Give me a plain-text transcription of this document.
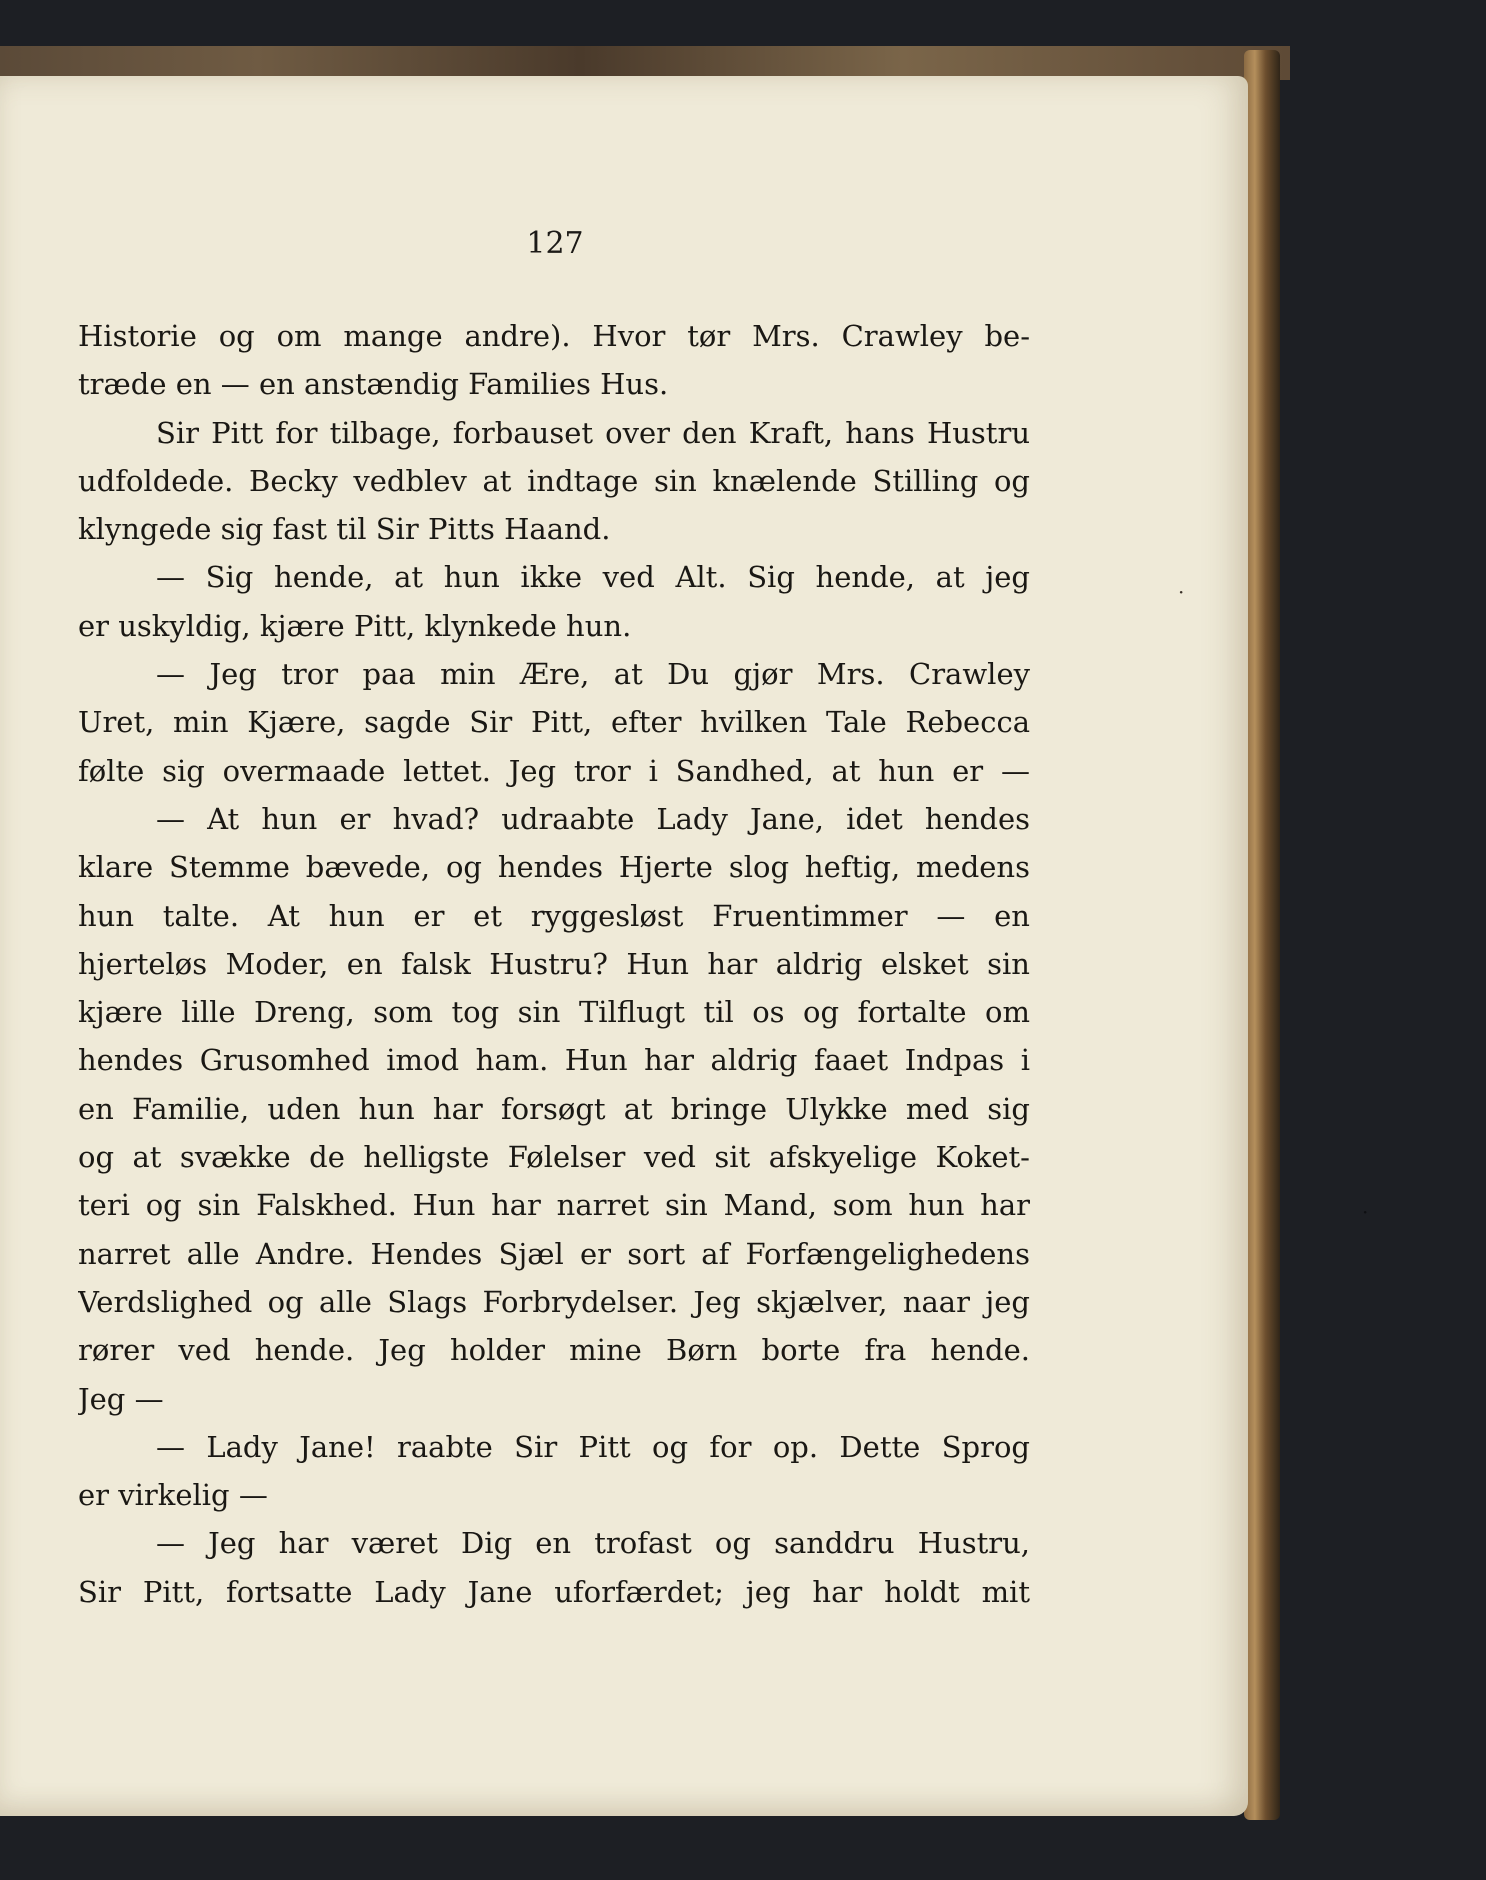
127
Historie og om mange andre). Hvor tør Mrs. Crawley be-
træde en — en anstændig Families Hus.
Sir Pitt for tilbage, forbauset over den Kraft, hans Hustru
udfoldede. Becky vedblev at indtage sin knælende Stilling og
klyngede sig fast til Sir Pitts Haand.
— Sig hende, at hun ikke ved Alt. Sig hende, at jeg
er uskyldig, kjære Pitt, klynkede hun.
— Jeg tror paa min Ære, at Du gjør Mrs. Crawley
Uret, min Kjære, sagde Sir Pitt, efter hvilken Tale Rebecca
følte sig overmaade lettet. Jeg tror i Sandhed, at hun er —
— At hun er hvad? udraabte Lady Jane, idet hendes
klare Stemme bævede, og hendes Hjerte slog heftig, medens
hun talte. At hun er et ryggesløst Fruentimmer — en
hjerteløs Moder, en falsk Hustru? Hun har aldrig elsket sin
kjære lille Dreng, som tog sin Tilflugt til os og fortalte om
hendes Grusomhed imod ham. Hun har aldrig faaet Indpas i
en Familie, uden hun har forsøgt at bringe Ulykke med sig
og at svække de helligste Følelser ved sit afskyelige Koket-
teri og sin Falskhed. Hun har narret sin Mand, som hun har
narret alle Andre. Hendes Sjæl er sort af Forfængelighedens
Verdslighed og alle Slags Forbrydelser. Jeg skjælver, naar jeg
rører ved hende. Jeg holder mine Børn borte fra hende.
Jeg —
— Lady Jane! raabte Sir Pitt og for op. Dette Sprog
er virkelig —
— Jeg har været Dig en trofast og sanddru Hustru,
Sir Pitt, fortsatte Lady Jane uforfærdet; jeg har holdt mit
·
·
